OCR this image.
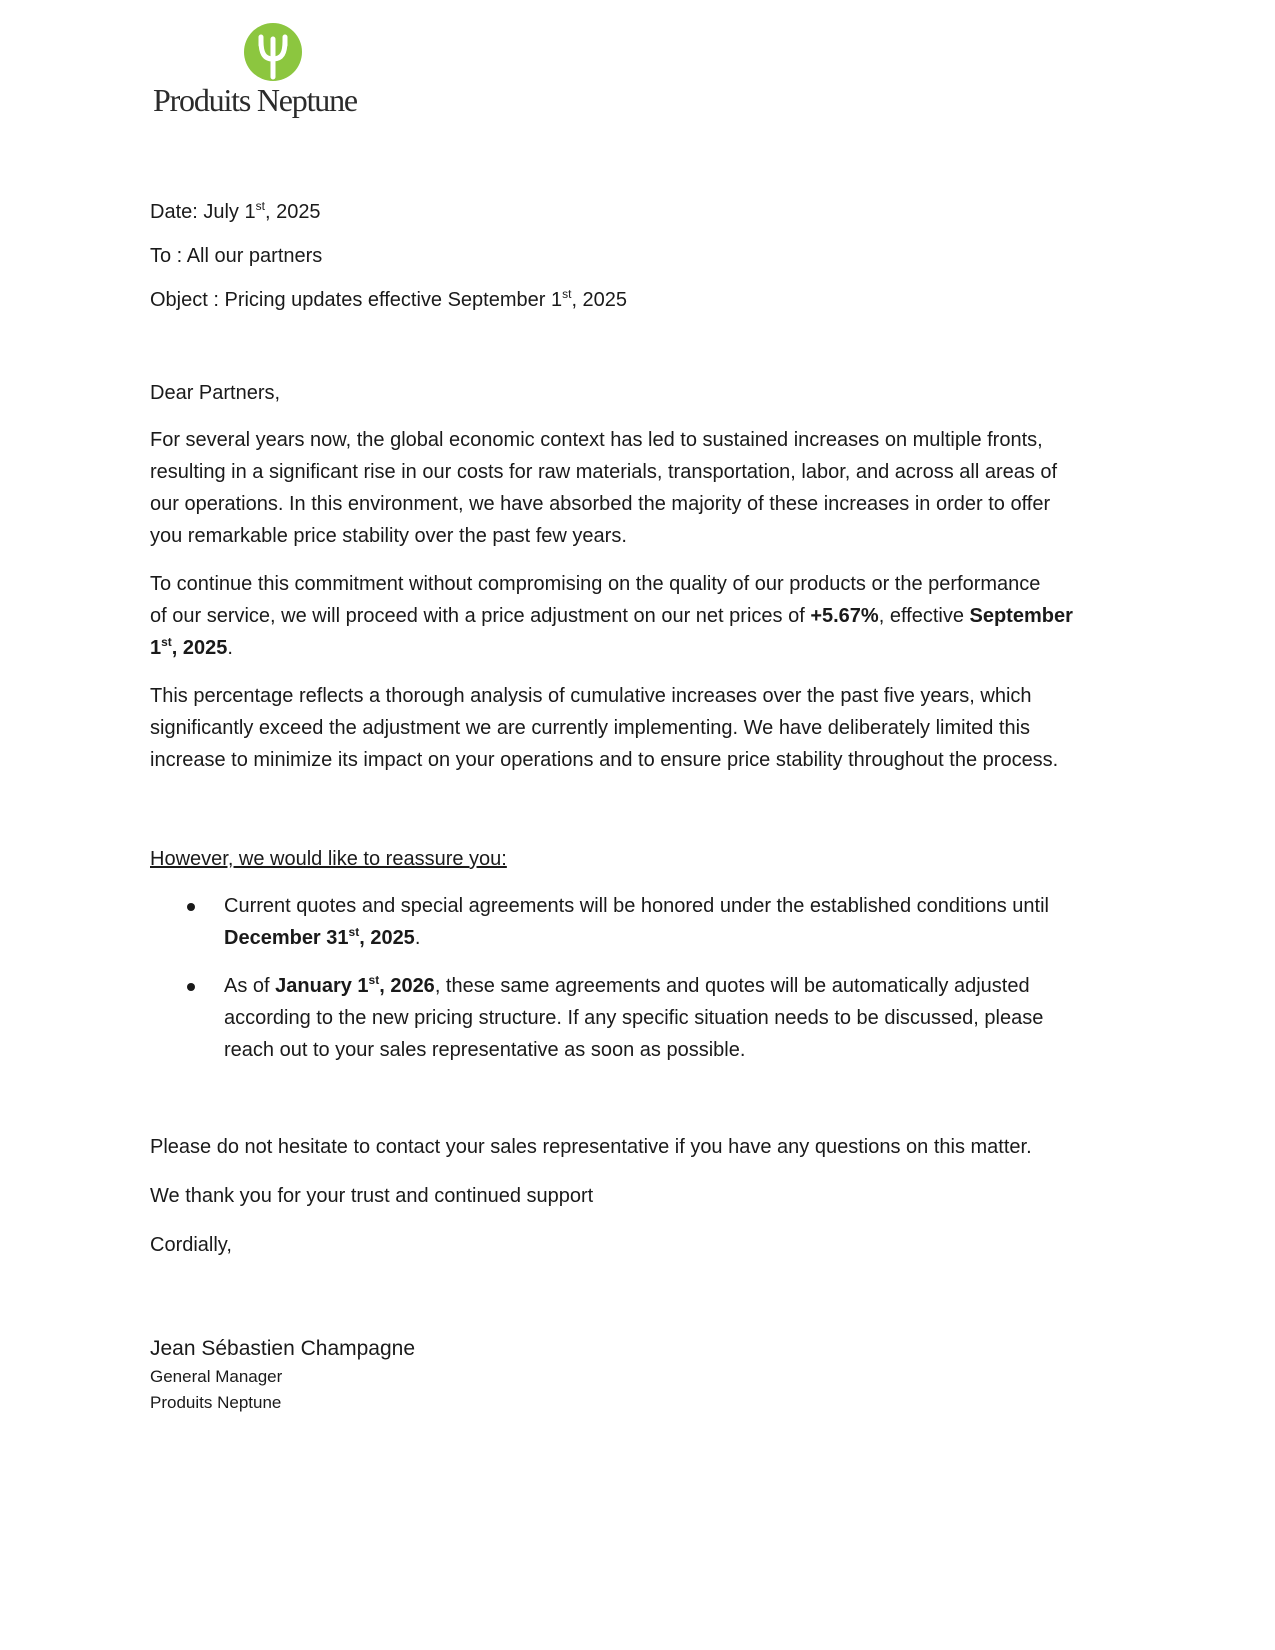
Produits Neptune
Date: July 1st, 2025
To : All our partners
Object : Pricing updates effective September 1st, 2025
Dear Partners,
For several years now, the global economic context has led to sustained increases on multiple fronts,
resulting in a significant rise in our costs for raw materials, transportation, labor, and across all areas of
our operations. In this environment, we have absorbed the majority of these increases in order to offer
you remarkable price stability over the past few years.
To continue this commitment without compromising on the quality of our products or the performance
of our service, we will proceed with a price adjustment on our net prices of +5.67%, effective September
1st, 2025.
This percentage reflects a thorough analysis of cumulative increases over the past five years, which
significantly exceed the adjustment we are currently implementing. We have deliberately limited this
increase to minimize its impact on your operations and to ensure price stability throughout the process.
However, we would like to reassure you:
Current quotes and special agreements will be honored under the established conditions until
December 31st, 2025.
As of January 1st, 2026, these same agreements and quotes will be automatically adjusted
according to the new pricing structure. If any specific situation needs to be discussed, please
reach out to your sales representative as soon as possible.
Please do not hesitate to contact your sales representative if you have any questions on this matter.
We thank you for your trust and continued support
Cordially,
Jean Sébastien Champagne
General Manager
Produits Neptune
